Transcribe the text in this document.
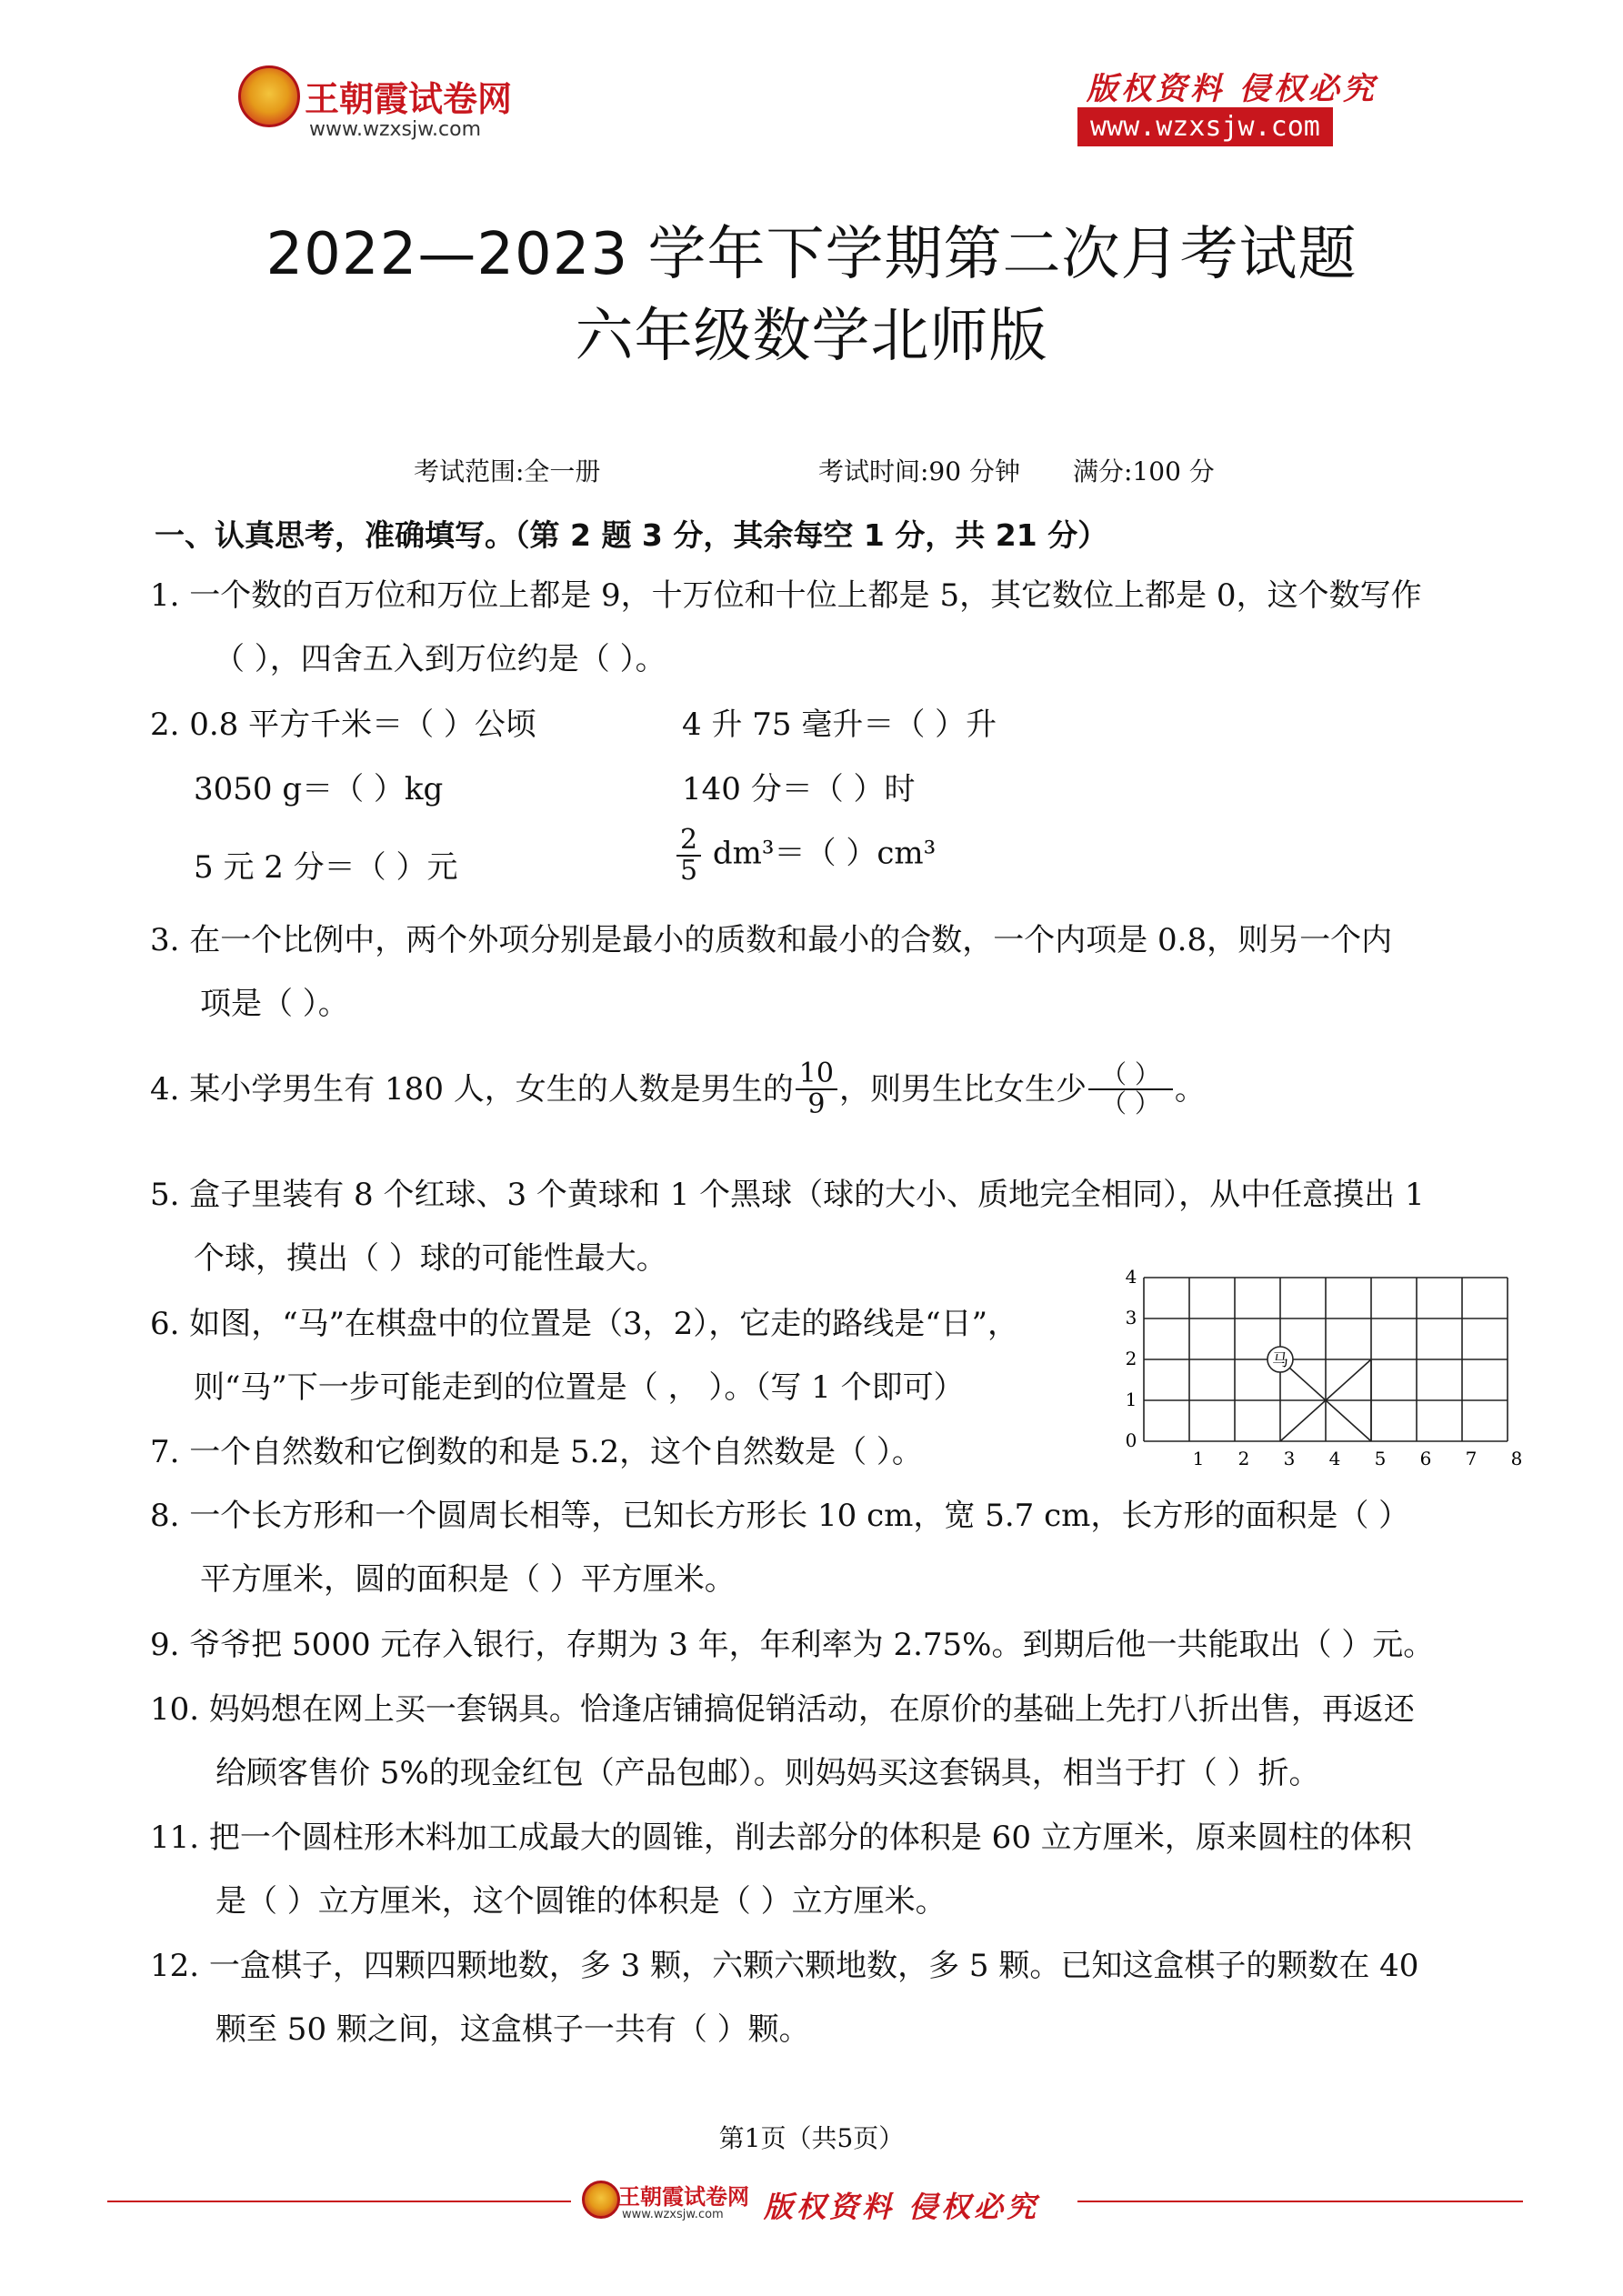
王朝霞试卷网
www.wzxsjw.com
版权资料 侵权必究
www.wzxsjw.com
2022—2023 学年下学期第二次月考试题
六年级数学北师版
考试范围:全一册	考试时间:90 分钟 满分:100 分
一、认真思考，准确填写。（第 2 题 3 分，其余每空 1 分，共 21 分）
1. 一个数的百万位和万位上都是 9，十万位和十位上都是 5，其它数位上都是 0，这个数写作
（ ），四舍五入到万位约是（ ）。
2. 0.8 平方千米＝（ ）公顷	4 升 75 毫升＝（ ）升
3050 g＝（ ）kg	140 分＝（ ）时
5 元 2 分＝（ ）元	$\frac{2}{5} dm^3=$（ ）cm³
3. 在一个比例中，两个外项分别是最小的质数和最小的合数，一个内项是 0.8，则另一个内
项是（ ）。
4. 某小学男生有 180 人，女生的人数是男生的 $\frac{10}{9}$ ，则男生比女生少 $\frac{( )}{( )}$ 。
5. 盒子里装有 8 个红球、3 个黄球和 1 个黑球（球的大小、质地完全相同），从中任意摸出 1
个球，摸出（ ）球的可能性最大。
6. 如图，“马”在棋盘中的位置是（3，2），它走的路线是“日”，
则“马”下一步可能走到的位置是（ ， ）。（写 1 个即可）
1 2 3 4 5 6 7 8
0
1
2
3
4
马
7. 一个自然数和它倒数的和是 5.2，这个自然数是（ ）。
8. 一个长方形和一个圆周长相等，已知长方形长 10 cm，宽 5.7 cm，长方形的面积是（ ）
平方厘米，圆的面积是（ ）平方厘米。
9. 爷爷把 5000 元存入银行，存期为 3 年，年利率为 2.75%。到期后他一共能取出（ ）元。
10. 妈妈想在网上买一套锅具。恰逢店铺搞促销活动，在原价的基础上先打八折出售，再返还
给顾客售价 5%的现金红包（产品包邮）。则妈妈买这套锅具，相当于打（ ）折。
11. 把一个圆柱形木料加工成最大的圆锥，削去部分的体积是 60 立方厘米，原来圆柱的体积
是（ ）立方厘米，这个圆锥的体积是（ ）立方厘米。
12. 一盒棋子，四颗四颗地数，多 3 颗，六颗六颗地数，多 5 颗。已知这盒棋子的颗数在 40
颗至 50 颗之间，这盒棋子一共有（ ）颗。
第1页（共5页）
王朝霞试卷网
www.wzxsjw.com 版权资料 侵权必究
